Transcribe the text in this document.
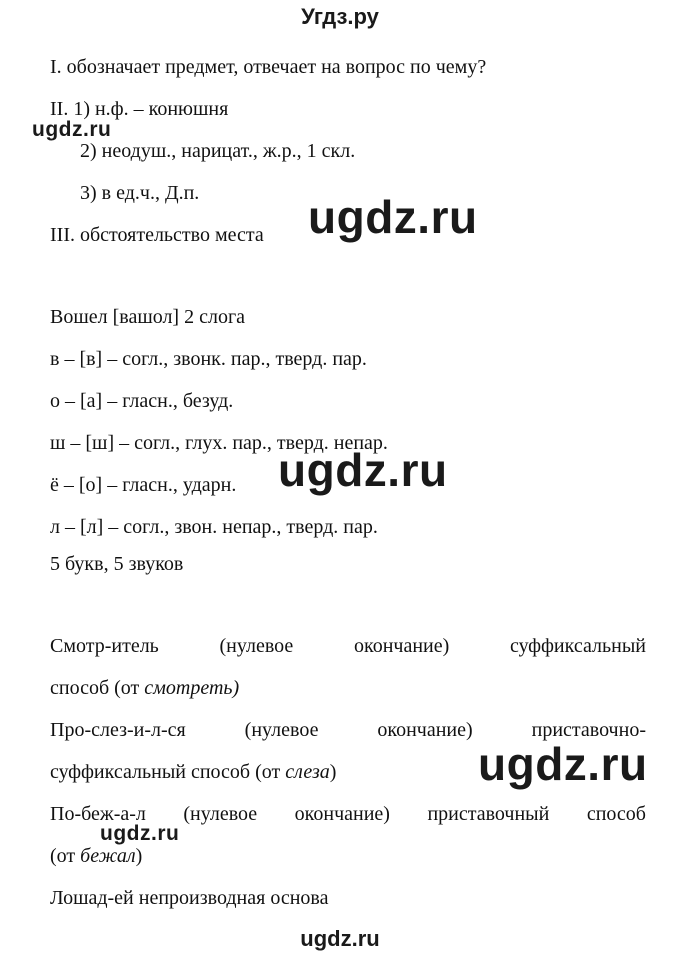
Угдз.ру
I. обозначает предмет, отвечает на вопрос по чему?
II. 1) н.ф. – конюшня
2) неодуш., нарицат., ж.р., 1 скл.
3) в ед.ч., Д.п.
III. обстоятельство места
Вошел [вашол] 2 слога
в – [в] – согл., звонк. пар., тверд. пар.
о – [а] – гласн., безуд.
ш – [ш] – согл., глух. пар., тверд. непар.
ё – [о] – гласн., ударн.
л – [л] – согл., звон. непар., тверд. пар.
5 букв, 5 звуков
Смотр-итель	(нулевое	окончание)	суффиксальный
способ (от смотреть)
Про-слез-и-л-ся	(нулевое	окончание)	приставочно-
суффиксальный способ (от слеза)
По-беж-а-л (нулевое окончание) приставочный способ
(от бежал)
Лошад-ей непроизводная основа
ugdz.ru
ugdz.ru
ugdz.ru
ugdz.ru
ugdz.ru
ugdz.ru
